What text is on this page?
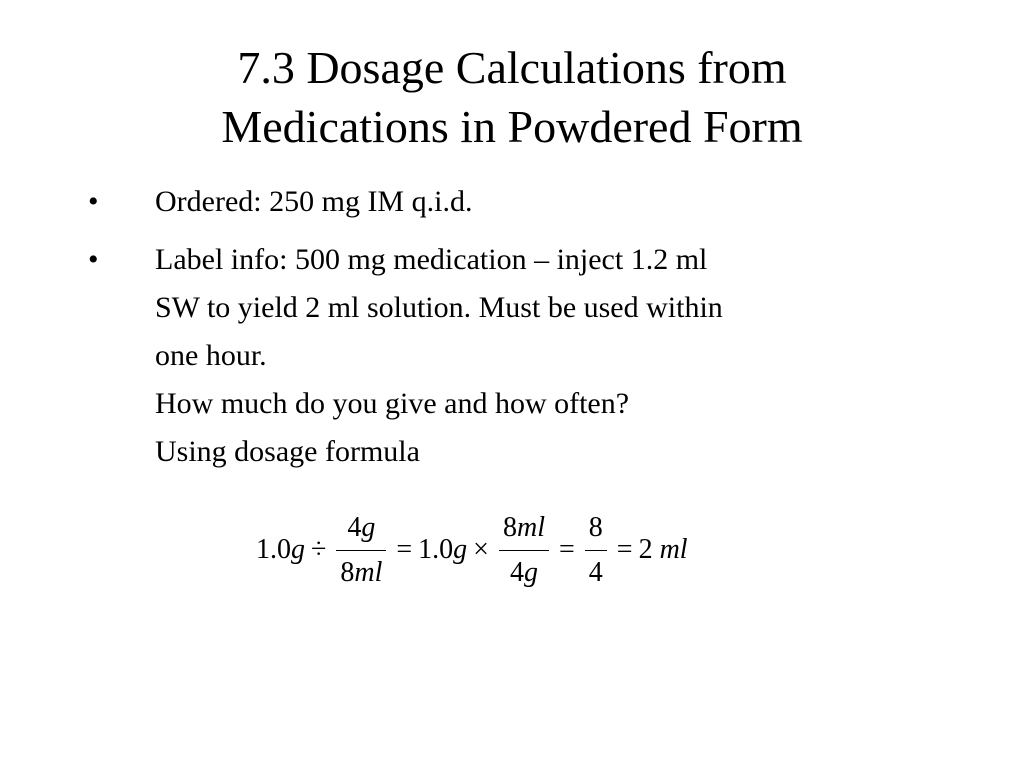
7.3 Dosage Calculations from
Medications in Powdered Form
•	Ordered: 250 mg IM q.i.d.
•	Label info: 500 mg medication – inject 1.2 ml
SW to yield 2 ml solution. Must be used within
one hour.
How much do you give and how often?
Using dosage formula
1.0 $g \div \frac{4g}{8ml} = 1.0$ $g \times \frac{8ml}{4g} = \frac{8}{4} = 2$
ml
